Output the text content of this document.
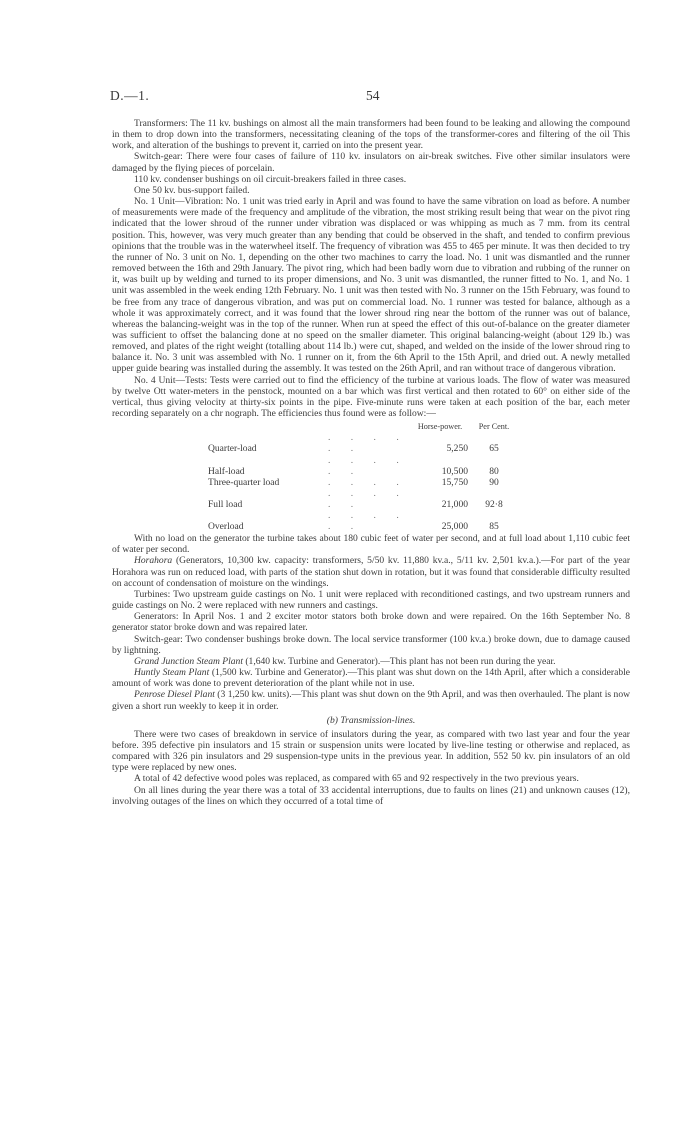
D.—1.	54

Transformers: The 11 kv. bushings on almost all the main transformers had been found to be leaking and allowing the compound in them to drop down into the transformers, necessitating cleaning of the tops of the transformer-cores and filtering of the oil This work, and alteration of the bushings to prevent it, carried on into the present year.

Switch-gear: There were four cases of failure of 110 kv. insulators on air-break switches. Five other similar insulators were damaged by the flying pieces of porcelain.

110 kv. condenser bushings on oil circuit-breakers failed in three cases.

One 50 kv. bus-support failed.

No. 1 Unit—Vibration: No. 1 unit was tried early in April and was found to have the same vibration on load as before. A number of measurements were made of the frequency and amplitude of the vibration, the most striking result being that wear on the pivot ring indicated that the lower shroud of the runner under vibration was displaced or was whipping as much as 7 mm. from its central position. This, however, was very much greater than any bending that could be observed in the shaft, and tended to confirm previous opinions that the trouble was in the waterwheel itself. The frequency of vibration was 455 to 465 per minute. It was then decided to try the runner of No. 3 unit on No. 1, depending on the other two machines to carry the load. No. 1 unit was dismantled and the runner removed between the 16th and 29th January. The pivot ring, which had been badly worn due to vibration and rubbing of the runner on it, was built up by welding and turned to its proper dimensions, and No. 3 unit was dismantled, the runner fitted to No. 1, and No. 1 unit was assembled in the week ending 12th February. No. 1 unit was then tested with No. 3 runner on the 15th February, was found to be free from any trace of dangerous vibration, and was put on commercial load. No. 1 runner was tested for balance, although as a whole it was approximately correct, and it was found that the lower shroud ring near the bottom of the runner was out of balance, whereas the balancing-weight was in the top of the runner. When run at speed the effect of this out-of-balance on the greater diameter was sufficient to offset the balancing done at no speed on the smaller diameter. This original balancing-weight (about 129 lb.) was removed, and plates of the right weight (totalling about 114 lb.) were cut, shaped, and welded on the inside of the lower shroud ring to balance it. No. 3 unit was assembled with No. 1 runner on it, from the 6th April to the 15th April, and dried out. A newly metalled upper guide bearing was installed during the assembly. It was tested on the 26th April, and ran without trace of dangerous vibration.

No. 4 Unit—Tests: Tests were carried out to find the efficiency of the turbine at various loads. The flow of water was measured by twelve Ott water-meters in the penstock, mounted on a bar which was first vertical and then rotated to 60° on either side of the vertical, thus giving velocity at thirty-six points in the pipe. Five-minute runs were taken at each position of the bar, each meter recording separately on a chr nograph. The efficiencies thus found were as follow:—

		Horse-power.	Per Cent.
Quarter-load	. . . . . .	5,250	65
Half-load	. . . . . .	10,500	80
Three-quarter load	. . . .	15,750	90
Full load	. . . . . .	21,000	92·8
Overload	. . . . . .	25,000	85

With no load on the generator the turbine takes about 180 cubic feet of water per second, and at full load about 1,110 cubic feet of water per second.

Horahora (Generators, 10,300 kw. capacity: transformers, 5/50 kv. 11,880 kv.a., 5/11 kv. 2,501 kv.a.).—For part of the year Horahora was run on reduced load, with parts of the station shut down in rotation, but it was found that considerable difficulty resulted on account of condensation of moisture on the windings.

Turbines: Two upstream guide castings on No. 1 unit were replaced with reconditioned castings, and two upstream runners and guide castings on No. 2 were replaced with new runners and castings.

Generators: In April Nos. 1 and 2 exciter motor stators both broke down and were repaired. On the 16th September No. 8 generator stator broke down and was repaired later.

Switch-gear: Two condenser bushings broke down. The local service transformer (100 kv.a.) broke down, due to damage caused by lightning.

Grand Junction Steam Plant (1,640 kw. Turbine and Generator).—This plant has not been run during the year.

Huntly Steam Plant (1,500 kw. Turbine and Generator).—This plant was shut down on the 14th April, after which a considerable amount of work was done to prevent deterioration of the plant while not in use.

Penrose Diesel Plant (3 1,250 kw. units).—This plant was shut down on the 9th April, and was then overhauled. The plant is now given a short run weekly to keep it in order.

(b) Transmission-lines.

There were two cases of breakdown in service of insulators during the year, as compared with two last year and four the year before. 395 defective pin insulators and 15 strain or suspension units were located by live-line testing or otherwise and replaced, as compared with 326 pin insulators and 29 suspension-type units in the previous year. In addition, 552 50 kv. pin insulators of an old type were replaced by new ones.

A total of 42 defective wood poles was replaced, as compared with 65 and 92 respectively in the two previous years.

On all lines during the year there was a total of 33 accidental interruptions, due to faults on lines (21) and unknown causes (12), involving outages of the lines on which they occurred of a total time of
